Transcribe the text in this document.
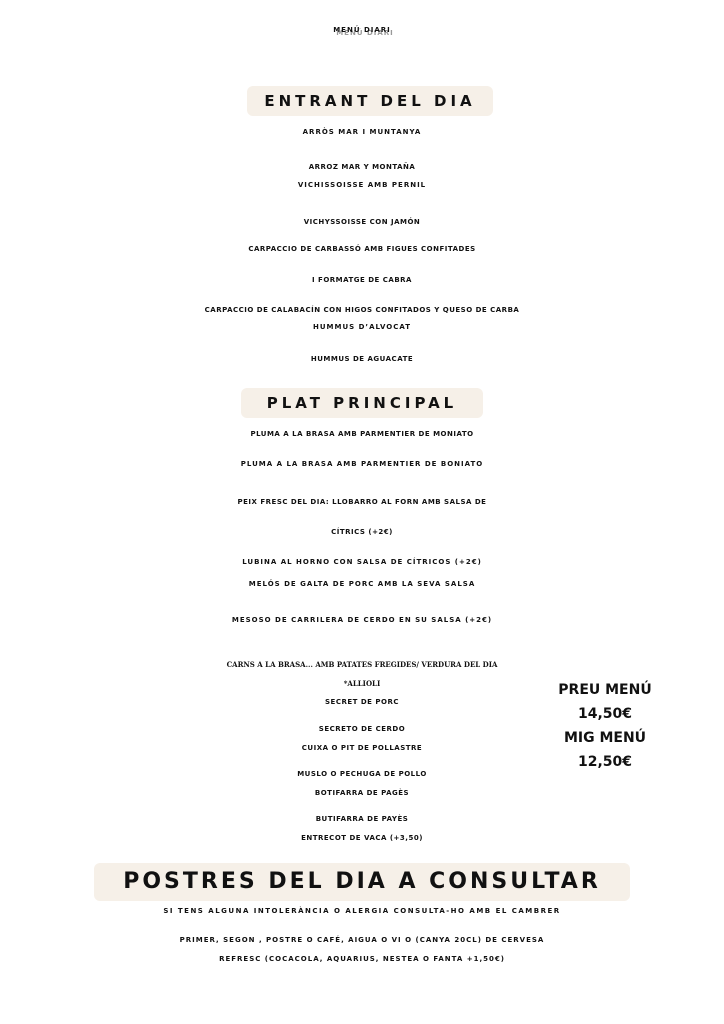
MENÚ DIARI
ENTRANT DEL DIA
ARRÒS MAR I MUNTANYA
ARROZ MAR Y MONTAÑA
VICHISSOISSE AMB PERNIL
VICHYSSOISSE CON JAMÓN
CARPACCIO DE CARBASSÓ AMB FIGUES CONFITADES
I FORMATGE DE CABRA
CARPACCIO DE CALABACÍN CON HIGOS CONFITADOS Y QUESO DE CARBA
HUMMUS D’ALVOCAT
HUMMUS DE AGUACATE
PLAT PRINCIPAL
PLUMA A LA BRASA AMB PARMENTIER DE MONIATO
PLUMA A LA BRASA AMB PARMENTIER DE BONIATO
PEIX FRESC DEL DIA: LLOBARRO AL FORN AMB SALSA DE
CÍTRICS (+2€)
LUBINA AL HORNO CON SALSA DE CÍTRICOS (+2€)
MELÓS DE GALTA DE PORC AMB LA SEVA SALSA
MESOSO DE CARRILERA DE CERDO EN SU SALSA (+2€)
CARNS A LA BRASA... AMB PATATES FREGIDES/ VERDURA DEL DIA
*ALLIOLI
SECRET DE PORC
SECRETO DE CERDO
CUIXA O PIT DE POLLASTRE
MUSLO O PECHUGA DE POLLO
BOTIFARRA DE PAGÈS
BUTIFARRA DE PAYÈS
ENTRECOT DE VACA (+3,50)
PREU MENÚ
14,50€
MIG MENÚ
12,50€
POSTRES DEL DIA A CONSULTAR
SI TENS ALGUNA INTOLERÀNCIA O ALERGIA CONSULTA-HO AMB EL CAMBRER
PRIMER, SEGON , POSTRE O CAFÉ, AIGUA O VI O (CANYA 20CL) DE CERVESA
REFRESC (COCACOLA, AQUARIUS, NESTEA O FANTA +1,50€)
